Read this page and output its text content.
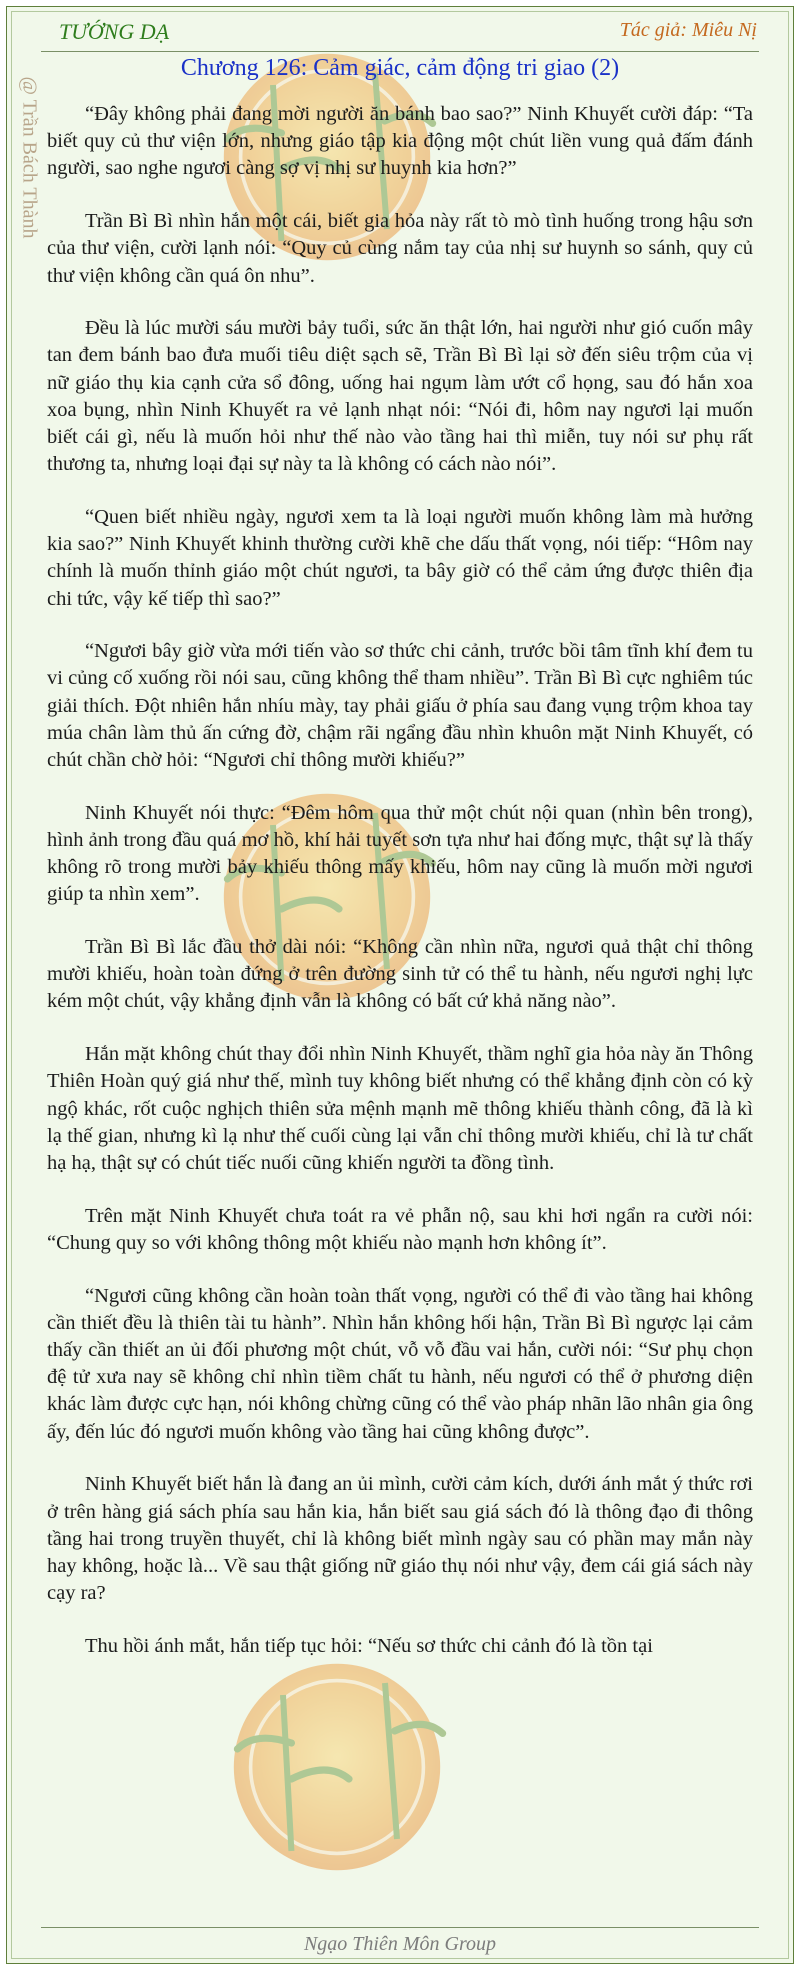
TƯỚNG DẠ	Tác giả: Miêu Nị
@ Trần Bách Thành
Chương 126: Cảm giác, cảm động tri giao (2)

“Đây không phải đang mời người ăn bánh bao sao?” Ninh Khuyết cười đáp: “Ta biết quy củ thư viện lớn, nhưng giáo tập kia động một chút liền vung quả đấm đánh người, sao nghe ngươi càng sợ vị nhị sư huynh kia hơn?”

Trần Bì Bì nhìn hắn một cái, biết gia hỏa này rất tò mò tình huống trong hậu sơn của thư viện, cười lạnh nói: “Quy củ cùng nắm tay của nhị sư huynh so sánh, quy củ thư viện không cần quá ôn nhu”.

Đều là lúc mười sáu mười bảy tuổi, sức ăn thật lớn, hai người như gió cuốn mây tan đem bánh bao đưa muối tiêu diệt sạch sẽ, Trần Bì Bì lại sờ đến siêu trộm của vị nữ giáo thụ kia cạnh cửa sổ đông, uống hai ngụm làm ướt cổ họng, sau đó hắn xoa xoa bụng, nhìn Ninh Khuyết ra vẻ lạnh nhạt nói: “Nói đi, hôm nay ngươi lại muốn biết cái gì, nếu là muốn hỏi như thế nào vào tầng hai thì miễn, tuy nói sư phụ rất thương ta, nhưng loại đại sự này ta là không có cách nào nói”.

“Quen biết nhiều ngày, ngươi xem ta là loại người muốn không làm mà hưởng kia sao?” Ninh Khuyết khinh thường cười khẽ che dấu thất vọng, nói tiếp: “Hôm nay chính là muốn thỉnh giáo một chút ngươi, ta bây giờ có thể cảm ứng được thiên địa chi tức, vậy kế tiếp thì sao?”

“Ngươi bây giờ vừa mới tiến vào sơ thức chi cảnh, trước bồi tâm tĩnh khí đem tu vi củng cố xuống rồi nói sau, cũng không thể tham nhiều”. Trần Bì Bì cực nghiêm túc giải thích. Đột nhiên hắn nhíu mày, tay phải giấu ở phía sau đang vụng trộm khoa tay múa chân làm thủ ấn cứng đờ, chậm rãi ngẩng đầu nhìn khuôn mặt Ninh Khuyết, có chút chần chờ hỏi: “Ngươi chỉ thông mười khiếu?”

Ninh Khuyết nói thực: “Đêm hôm qua thử một chút nội quan (nhìn bên trong), hình ảnh trong đầu quá mơ hồ, khí hải tuyết sơn tựa như hai đống mực, thật sự là thấy không rõ trong mười bảy khiếu thông mấy khiếu, hôm nay cũng là muốn mời ngươi giúp ta nhìn xem”.

Trần Bì Bì lắc đầu thở dài nói: “Không cần nhìn nữa, ngươi quả thật chỉ thông mười khiếu, hoàn toàn đứng ở trên đường sinh tử có thể tu hành, nếu ngươi nghị lực kém một chút, vậy khẳng định vẫn là không có bất cứ khả năng nào”.

Hắn mặt không chút thay đổi nhìn Ninh Khuyết, thầm nghĩ gia hỏa này ăn Thông Thiên Hoàn quý giá như thế, mình tuy không biết nhưng có thể khẳng định còn có kỳ ngộ khác, rốt cuộc nghịch thiên sửa mệnh mạnh mẽ thông khiếu thành công, đã là kì lạ thế gian, nhưng kì lạ như thế cuối cùng lại vẫn chỉ thông mười khiếu, chỉ là tư chất hạ hạ, thật sự có chút tiếc nuối cũng khiến người ta đồng tình.

Trên mặt Ninh Khuyết chưa toát ra vẻ phẫn nộ, sau khi hơi ngẩn ra cười nói: “Chung quy so với không thông một khiếu nào mạnh hơn không ít”.

“Ngươi cũng không cần hoàn toàn thất vọng, người có thể đi vào tầng hai không cần thiết đều là thiên tài tu hành”. Nhìn hắn không hối hận, Trần Bì Bì ngược lại cảm thấy cần thiết an ủi đối phương một chút, vỗ vỗ đầu vai hắn, cười nói: “Sư phụ chọn đệ tử xưa nay sẽ không chỉ nhìn tiềm chất tu hành, nếu ngươi có thể ở phương diện khác làm được cực hạn, nói không chừng cũng có thể vào pháp nhãn lão nhân gia ông ấy, đến lúc đó ngươi muốn không vào tầng hai cũng không được”.

Ninh Khuyết biết hắn là đang an ủi mình, cười cảm kích, dưới ánh mắt ý thức rơi ở trên hàng giá sách phía sau hắn kia, hắn biết sau giá sách đó là thông đạo đi thông tầng hai trong truyền thuyết, chỉ là không biết mình ngày sau có phần may mắn này hay không, hoặc là... Về sau thật giống nữ giáo thụ nói như vậy, đem cái giá sách này cạy ra?

Thu hồi ánh mắt, hắn tiếp tục hỏi: “Nếu sơ thức chi cảnh đó là tồn tại

Ngạo Thiên Môn Group
